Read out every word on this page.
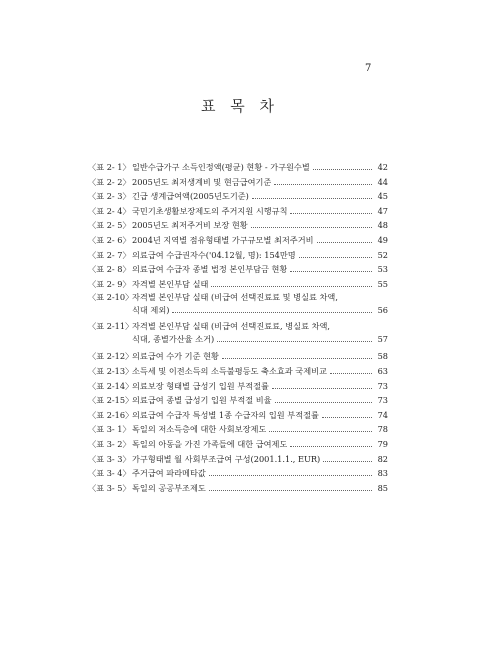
7
표 목 차
〈표 2- 1〉 일반수급가구 소득인정액(평균) 현황 - 가구원수별	42
〈표 2- 2〉 2005년도 최저생계비 및 현금급여기준	44
〈표 2- 3〉 긴급 생계급여액(2005년도기준)	45
〈표 2- 4〉 국민기초생활보장제도의 주거지원 시행규칙	47
〈표 2- 5〉 2005년도 최저주거비 보장 현황	48
〈표 2- 6〉 2004년 지역별 점유형태별 가구규모별 최저주거비	49
〈표 2- 7〉 의료급여 수급권자수('04.12월, 명): 154만명	52
〈표 2- 8〉 의료급여 수급자 종별 법정 본인부담금 현황	53
〈표 2- 9〉 자격별 본인부담 실태	55
〈표 2-10〉
자격별 본인부담 실태 (비급여 선택진료료 및 병실료 차액,
식대 제외)	56
〈표 2-11〉
자격별 본인부담 실태 (비급여 선택진료료, 병실료 차액,
식대, 종별가산율 소거)	57
〈표 2-12〉
의료급여 수가 기준 현황	58
〈표 2-13〉
소득세 및 이전소득의 소득불평등도 축소효과 국제비교	63
〈표 2-14〉
의료보장 형태별 급성기 입원 부적절률	73
〈표 2-15〉
의료급여 종별 급성기 입원 부적절 비율	73
〈표 2-16〉
의료급여 수급자 특성별 1종 수급자의 입원 부적절률	74
〈표 3- 1〉 독일의 저소득층에 대한 사회보장제도	78
〈표 3- 2〉 독일의 아동을 가진 가족들에 대한 급여제도	79
〈표 3- 3〉 가구형태별 월 사회부조급여 구성(2001.1.1., EUR)	82
〈표 3- 4〉 주거급여 파라메타값	83
〈표 3- 5〉 독일의 공공부조제도	85
